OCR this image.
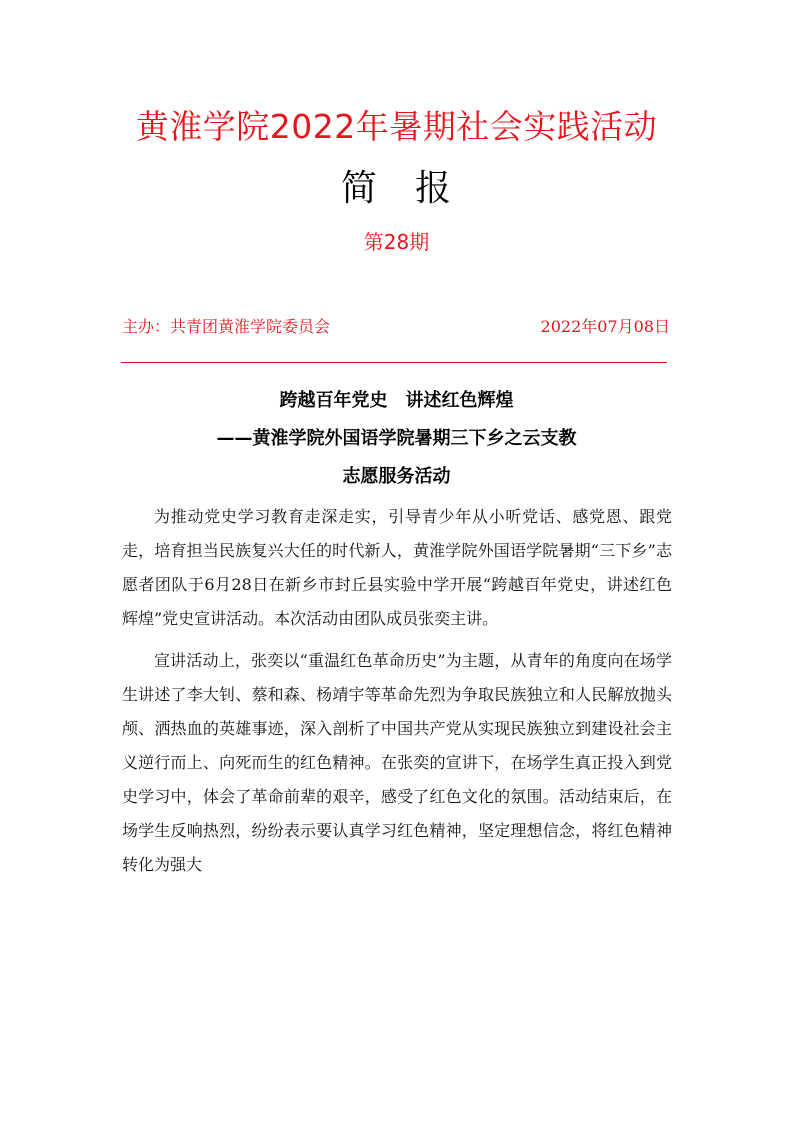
黄淮学院2022年暑期社会实践活动
简　报
第28期
主办：共青团黄淮学院委员会	2022年07月08日
跨越百年党史　讲述红色辉煌
——黄淮学院外国语学院暑期三下乡之云支教
志愿服务活动

为推动党史学习教育走深走实，引导青少年从小听党话、感党恩、跟党走，培育担当民族复兴大任的时代新人，黄淮学院外国语学院暑期“三下乡”志愿者团队于6月28日在新乡市封丘县实验中学开展“跨越百年党史，讲述红色辉煌”党史宣讲活动。本次活动由团队成员张奕主讲。

宣讲活动上，张奕以“重温红色革命历史”为主题，从青年的角度向在场学生讲述了李大钊、蔡和森、杨靖宇等革命先烈为争取民族独立和人民解放抛头颅、洒热血的英雄事迹，深入剖析了中国共产党从实现民族独立到建设社会主义逆行而上、向死而生的红色精神。在张奕的宣讲下，在场学生真正投入到党史学习中，体会了革命前辈的艰辛，感受了红色文化的氛围。活动结束后，在场学生反响热烈，纷纷表示要认真学习红色精神，坚定理想信念，将红色精神转化为强大
